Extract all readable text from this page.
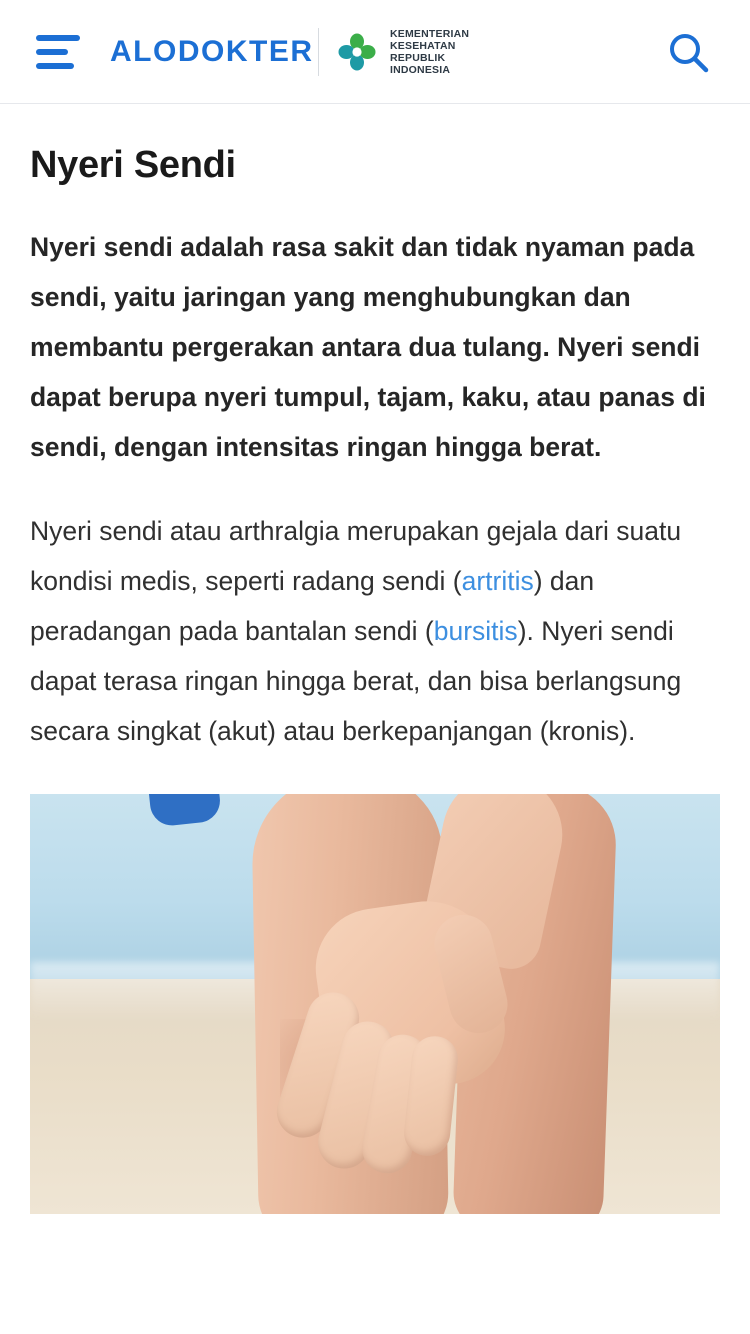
ALODOKTER
KEMENTERIAN
KESEHATAN
REPUBLIK
INDONESIA
Nyeri Sendi

Nyeri sendi adalah rasa sakit dan tidak nyaman pada sendi, yaitu jaringan yang menghubungkan dan membantu pergerakan antara dua tulang. Nyeri sendi dapat berupa nyeri tumpul, tajam, kaku, atau panas di sendi, dengan intensitas ringan hingga berat.

Nyeri sendi atau arthralgia merupakan gejala dari suatu kondisi medis, seperti radang sendi (artritis) dan peradangan pada bantalan sendi (bursitis). Nyeri sendi dapat terasa ringan hingga berat, dan bisa berlangsung secara singkat (akut) atau berkepanjangan (kronis).
